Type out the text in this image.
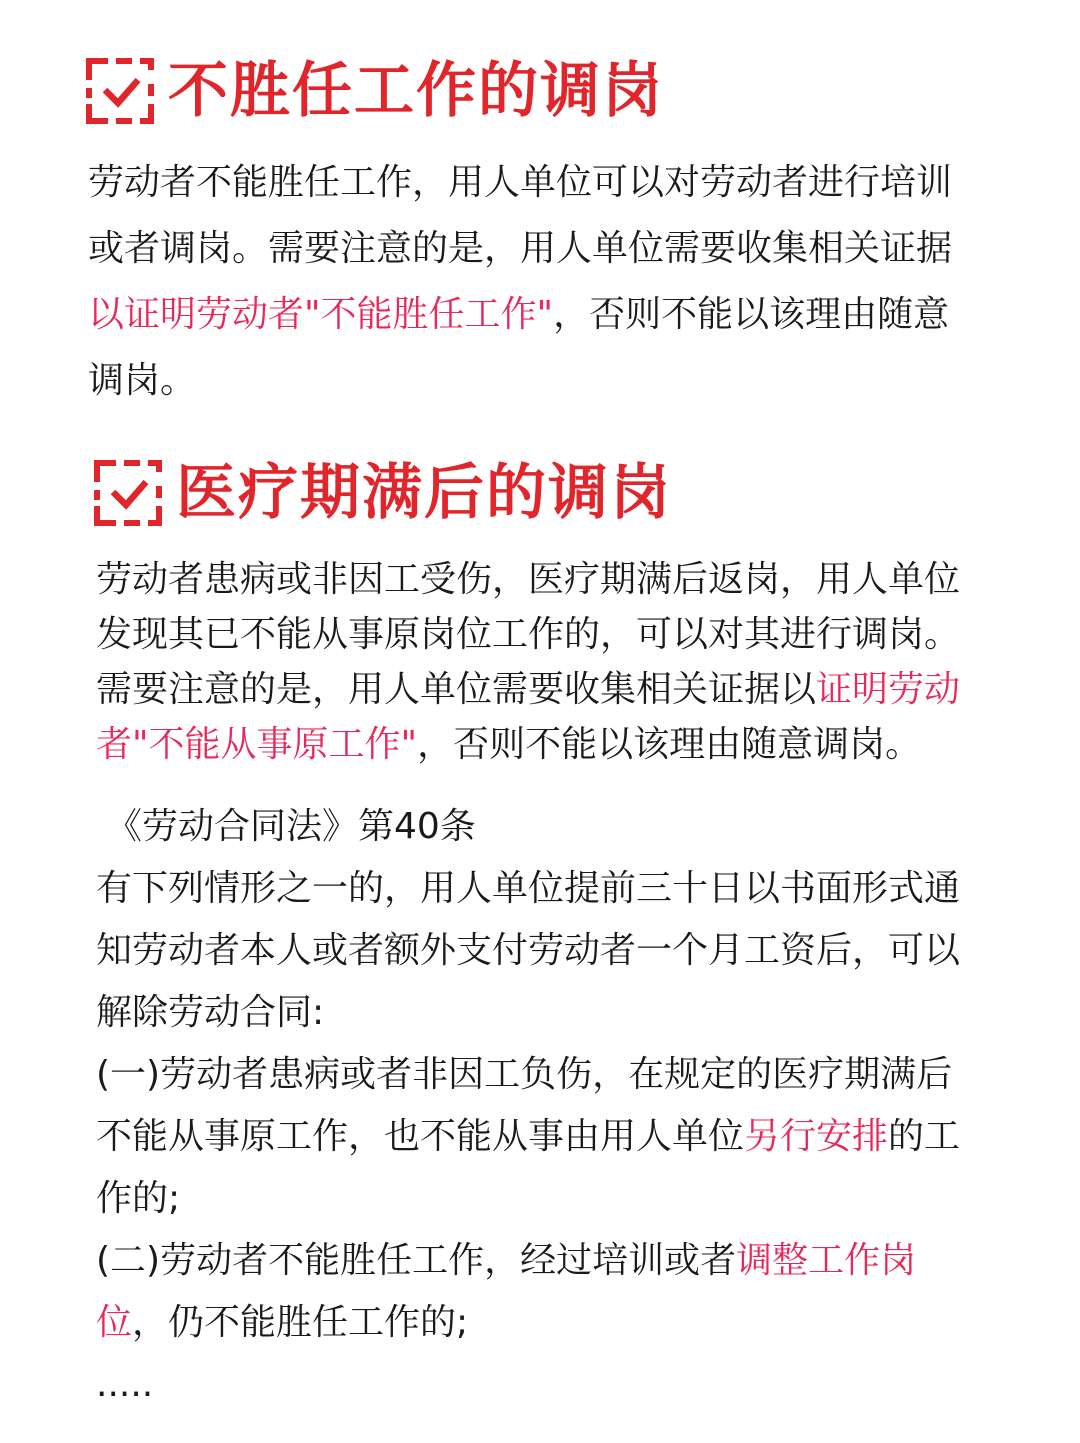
不胜任工作的调岗
劳动者不能胜任工作，用人单位可以对劳动者进行培训
或者调岗。需要注意的是，用人单位需要收集相关证据
以证明劳动者"不能胜任工作"，否则不能以该理由随意
调岗。
医疗期满后的调岗
劳动者患病或非因工受伤，医疗期满后返岗，用人单位
发现其已不能从事原岗位工作的，可以对其进行调岗。
需要注意的是，用人单位需要收集相关证据以证明劳动
者"不能从事原工作"，否则不能以该理由随意调岗。
《劳动合同法》第40条
有下列情形之一的，用人单位提前三十日以书面形式通
知劳动者本人或者额外支付劳动者一个月工资后，可以
解除劳动合同:
(一)劳动者患病或者非因工负伤，在规定的医疗期满后
不能从事原工作，也不能从事由用人单位另行安排的工
作的;
(二)劳动者不能胜任工作，经过培训或者调整工作岗
位，仍不能胜任工作的;
.....
